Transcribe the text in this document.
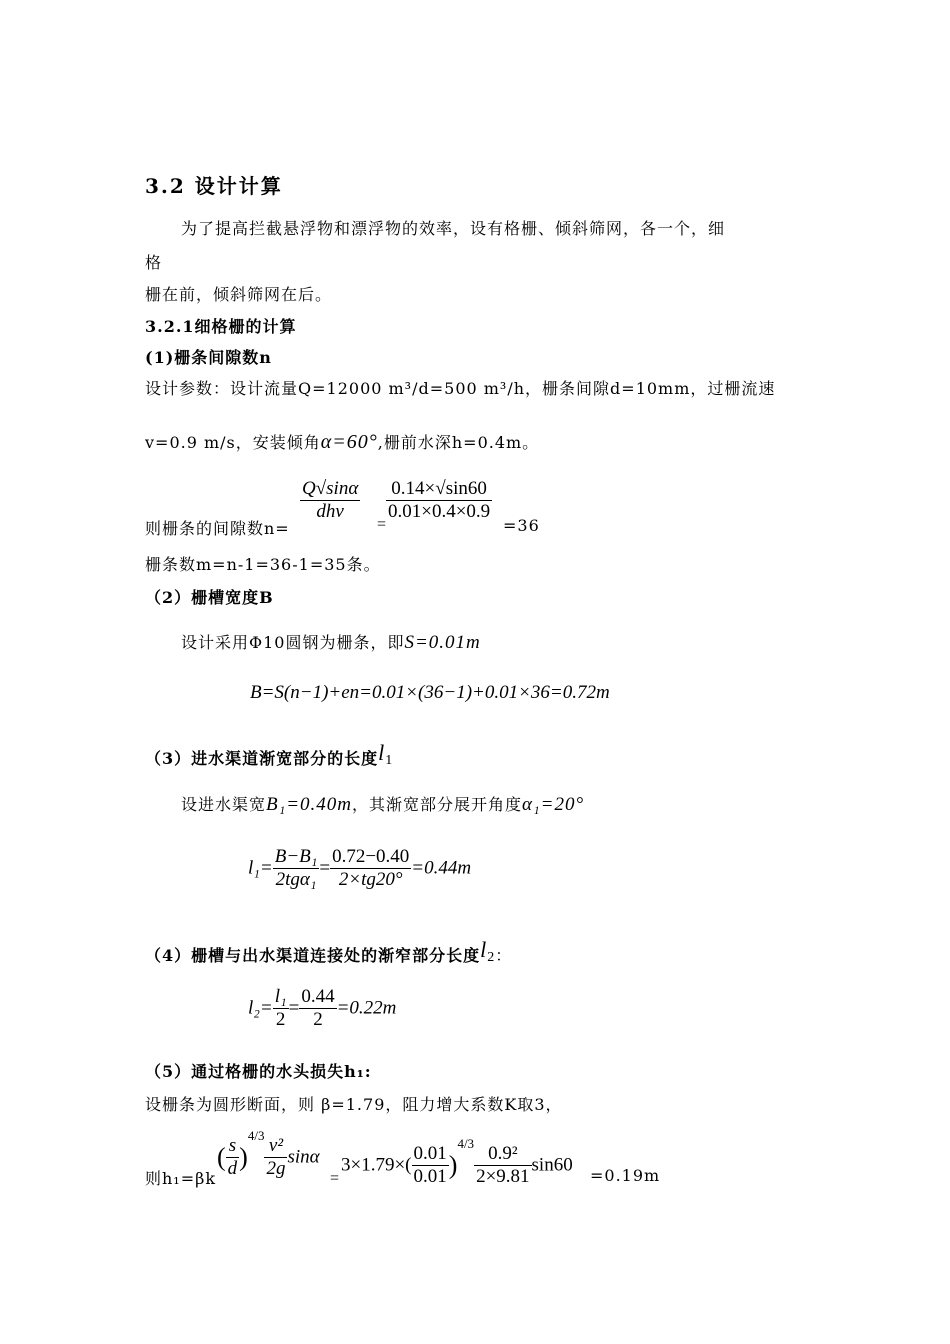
3.2 设计计算
为了提高拦截悬浮物和漂浮物的效率，设有格栅、倾斜筛网，各一个，细
格
栅在前，倾斜筛网在后。
3.2.1细格栅的计算
(1)栅条间隙数n
设计参数：设计流量Q=12000 m³/d=500 m³/h，栅条间隙d=10mm，过栅流速
v=0.9 m/s，安装倾角α=60°,栅前水深h=0.4m。
则栅条的间隙数n=
$\frac{Q√\sin\alpha}{\text{dhv}}$
=
$\frac{0.14\times√\sin 60}{0.01\times 0.4\times 0.9}$
=36
栅条数m=n-1=36-1=35条。
（2）栅槽宽度B
设计采用Φ10圆钢为栅条，即S=0.01m
B=S(n−1)+en=0.01×(36−1)+0.01×36=0.72m
（3）进水渠道渐宽部分的长度l1
设进水渠宽B₁=0.40m，其渐宽部分展开角度α₁=20°
$l_1= \frac{\text{B−B₁}}{\text{2tgα₁}} = \frac{0.72-0.40}{2\times tg20^\circ} =0.44m$
（4）栅槽与出水渠道连接处的渐窄部分长度l2：
$l_2= \frac{\text{l₁}}{2} = \frac{0.44}{2} =0.22m$
（5）通过格栅的水头损失h₁:
设栅条为圆形断面，则 β=1.79，阻力增大系数K取3，
则h₁=βk
( $\frac{s}{d} )^{4/3} \frac{\text{v²}}{2g}$ sinα
=
$3\times 1.79\times( \frac{0.01}{0.01} )^{4/3} \frac{\text{0.9²}}{2\times 9.81} \sin 60 =0.19m$
